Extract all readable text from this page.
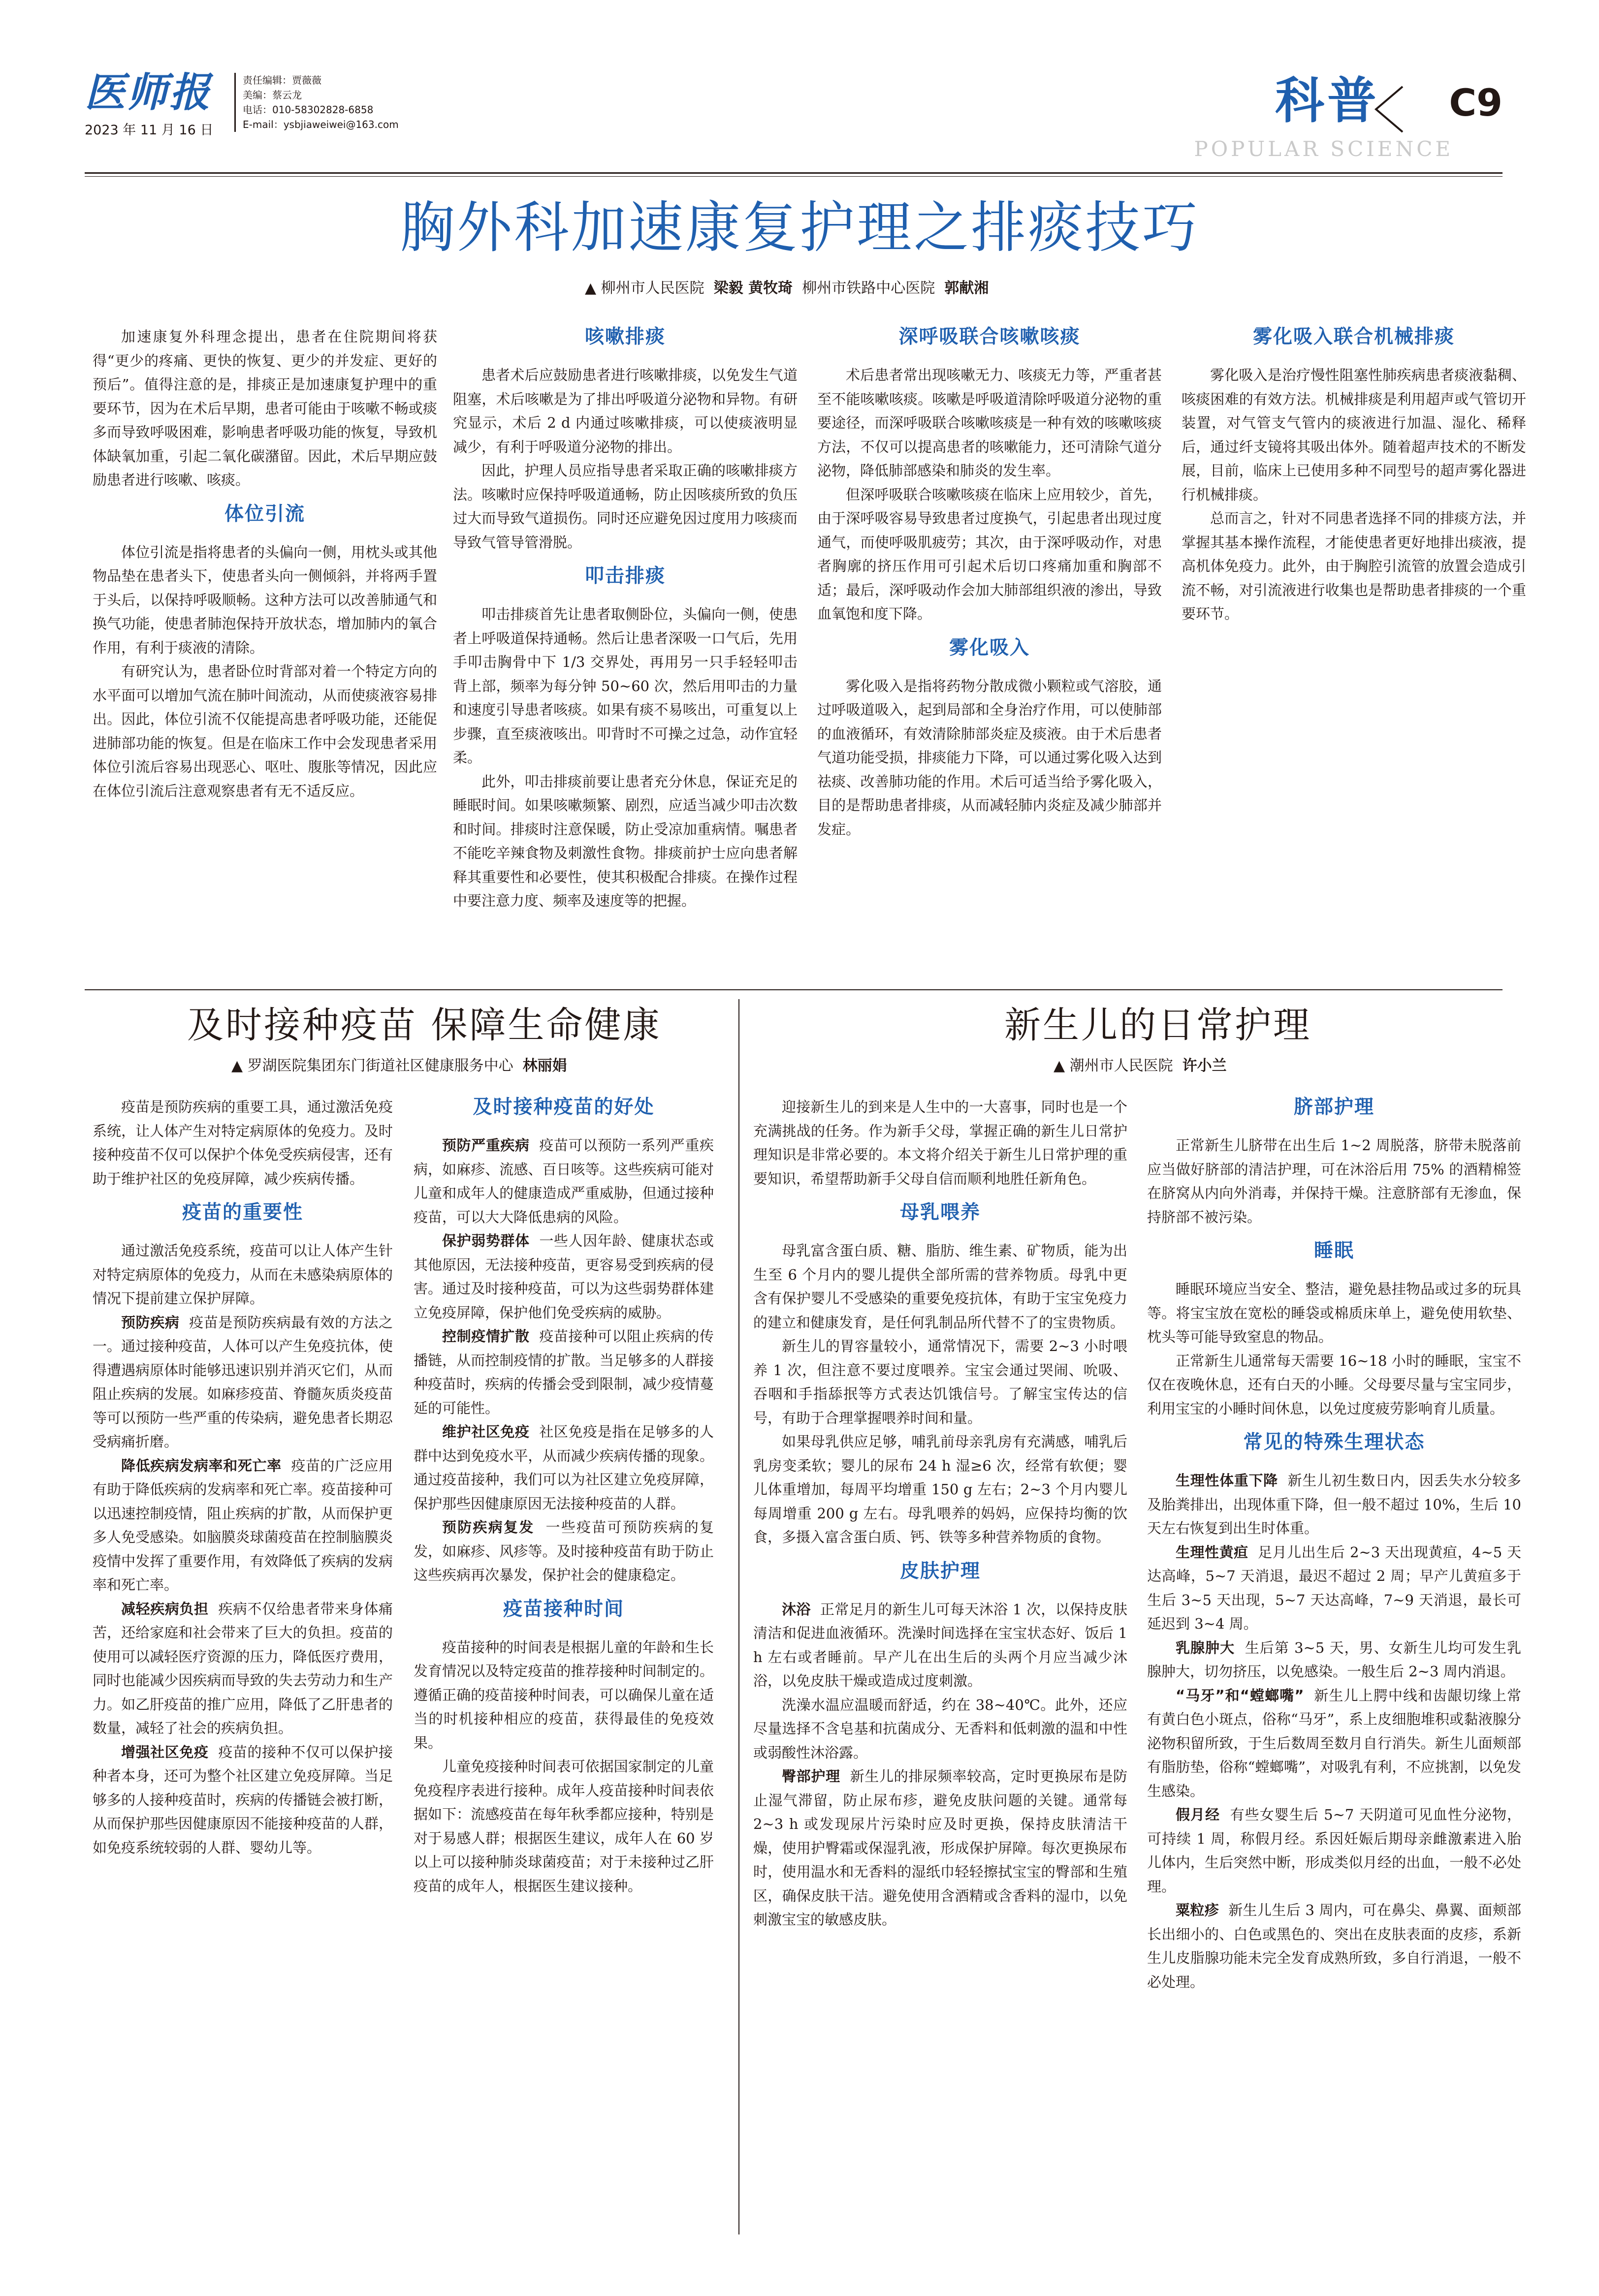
医师报
2023 年 11 月 16 日
责任编辑：贾薇薇
美编：蔡云龙
电话：010-58302828-6858
E-mail：ysbjiaweiwei@163.com	科普 C9
POPULAR SCIENCE
胸外科加速康复护理之排痰技巧
▲ 柳州市人民医院 梁毅 黄牧琦 柳州市铁路中心医院 郭献湘

加速康复外科理念提出，患者在住院期间将获得“更少的疼痛、更快的恢复、更少的并发症、更好的预后”。值得注意的是，排痰正是加速康复护理中的重要环节，因为在术后早期，患者可能由于咳嗽不畅或痰多而导致呼吸困难，影响患者呼吸功能的恢复，导致机体缺氧加重，引起二氧化碳潴留。因此，术后早期应鼓励患者进行咳嗽、咳痰。

体位引流

体位引流是指将患者的头偏向一侧，用枕头或其他物品垫在患者头下，使患者头向一侧倾斜，并将两手置于头后，以保持呼吸顺畅。这种方法可以改善肺通气和换气功能，使患者肺泡保持开放状态，增加肺内的氧合作用，有利于痰液的清除。

有研究认为，患者卧位时背部对着一个特定方向的水平面可以增加气流在肺叶间流动，从而使痰液容易排出。因此，体位引流不仅能提高患者呼吸功能，还能促进肺部功能的恢复。但是在临床工作中会发现患者采用体位引流后容易出现恶心、呕吐、腹胀等情况，因此应在体位引流后注意观察患者有无不适反应。

咳嗽排痰

患者术后应鼓励患者进行咳嗽排痰，以免发生气道阻塞，术后咳嗽是为了排出呼吸道分泌物和异物。有研究显示，术后 2 d 内通过咳嗽排痰，可以使痰液明显减少，有利于呼吸道分泌物的排出。

因此，护理人员应指导患者采取正确的咳嗽排痰方法。咳嗽时应保持呼吸道通畅，防止因咳痰所致的负压过大而导致气道损伤。同时还应避免因过度用力咳痰而导致气管导管滑脱。

叩击排痰

叩击排痰首先让患者取侧卧位，头偏向一侧，使患者上呼吸道保持通畅。然后让患者深吸一口气后，先用手叩击胸骨中下 1/3 交界处，再用另一只手轻轻叩击背上部，频率为每分钟 50~60 次，然后用叩击的力量和速度引导患者咳痰。如果有痰不易咳出，可重复以上步骤，直至痰液咳出。叩背时不可操之过急，动作宜轻柔。

此外，叩击排痰前要让患者充分休息，保证充足的睡眠时间。如果咳嗽频繁、剧烈，应适当减少叩击次数和时间。排痰时注意保暖，防止受凉加重病情。嘱患者不能吃辛辣食物及刺激性食物。排痰前护士应向患者解释其重要性和必要性，使其积极配合排痰。在操作过程中要注意力度、频率及速度等的把握。

深呼吸联合咳嗽咳痰

术后患者常出现咳嗽无力、咳痰无力等，严重者甚至不能咳嗽咳痰。咳嗽是呼吸道清除呼吸道分泌物的重要途径，而深呼吸联合咳嗽咳痰是一种有效的咳嗽咳痰方法，不仅可以提高患者的咳嗽能力，还可清除气道分泌物，降低肺部感染和肺炎的发生率。

但深呼吸联合咳嗽咳痰在临床上应用较少，首先，由于深呼吸容易导致患者过度换气，引起患者出现过度通气，而使呼吸肌疲劳；其次，由于深呼吸动作，对患者胸廓的挤压作用可引起术后切口疼痛加重和胸部不适；最后，深呼吸动作会加大肺部组织液的渗出，导致血氧饱和度下降。

雾化吸入

雾化吸入是指将药物分散成微小颗粒或气溶胶，通过呼吸道吸入，起到局部和全身治疗作用，可以使肺部的血液循环，有效清除肺部炎症及痰液。由于术后患者气道功能受损，排痰能力下降，可以通过雾化吸入达到祛痰、改善肺功能的作用。术后可适当给予雾化吸入，目的是帮助患者排痰，从而减轻肺内炎症及减少肺部并发症。

雾化吸入联合机械排痰

雾化吸入是治疗慢性阻塞性肺疾病患者痰液黏稠、咳痰困难的有效方法。机械排痰是利用超声或气管切开装置，对气管支气管内的痰液进行加温、湿化、稀释后，通过纤支镜将其吸出体外。随着超声技术的不断发展，目前，临床上已使用多种不同型号的超声雾化器进行机械排痰。

总而言之，针对不同患者选择不同的排痰方法，并掌握其基本操作流程，才能使患者更好地排出痰液，提高机体免疫力。此外，由于胸腔引流管的放置会造成引流不畅，对引流液进行收集也是帮助患者排痰的一个重要环节。

及时接种疫苗 保障生命健康
▲ 罗湖医院集团东门街道社区健康服务中心 林丽娟

疫苗是预防疾病的重要工具，通过激活免疫系统，让人体产生对特定病原体的免疫力。及时接种疫苗不仅可以保护个体免受疾病侵害，还有助于维护社区的免疫屏障，减少疾病传播。

疫苗的重要性

通过激活免疫系统，疫苗可以让人体产生针对特定病原体的免疫力，从而在未感染病原体的情况下提前建立保护屏障。

预防疾病 疫苗是预防疾病最有效的方法之一。通过接种疫苗，人体可以产生免疫抗体，使得遭遇病原体时能够迅速识别并消灭它们，从而阻止疾病的发展。如麻疹疫苗、脊髓灰质炎疫苗等可以预防一些严重的传染病，避免患者长期忍受病痛折磨。

降低疾病发病率和死亡率 疫苗的广泛应用有助于降低疾病的发病率和死亡率。疫苗接种可以迅速控制疫情，阻止疾病的扩散，从而保护更多人免受感染。如脑膜炎球菌疫苗在控制脑膜炎疫情中发挥了重要作用，有效降低了疾病的发病率和死亡率。

减轻疾病负担 疾病不仅给患者带来身体痛苦，还给家庭和社会带来了巨大的负担。疫苗的使用可以减轻医疗资源的压力，降低医疗费用，同时也能减少因疾病而导致的失去劳动力和生产力。如乙肝疫苗的推广应用，降低了乙肝患者的数量，减轻了社会的疾病负担。

增强社区免疫 疫苗的接种不仅可以保护接种者本身，还可为整个社区建立免疫屏障。当足够多的人接种疫苗时，疾病的传播链会被打断，从而保护那些因健康原因不能接种疫苗的人群，如免疫系统较弱的人群、婴幼儿等。

及时接种疫苗的好处

预防严重疾病 疫苗可以预防一系列严重疾病，如麻疹、流感、百日咳等。这些疾病可能对儿童和成年人的健康造成严重威胁，但通过接种疫苗，可以大大降低患病的风险。

保护弱势群体 一些人因年龄、健康状态或其他原因，无法接种疫苗，更容易受到疾病的侵害。通过及时接种疫苗，可以为这些弱势群体建立免疫屏障，保护他们免受疾病的威胁。

控制疫情扩散 疫苗接种可以阻止疾病的传播链，从而控制疫情的扩散。当足够多的人群接种疫苗时，疾病的传播会受到限制，减少疫情蔓延的可能性。

维护社区免疫 社区免疫是指在足够多的人群中达到免疫水平，从而减少疾病传播的现象。通过疫苗接种，我们可以为社区建立免疫屏障，保护那些因健康原因无法接种疫苗的人群。

预防疾病复发 一些疫苗可预防疾病的复发，如麻疹、风疹等。及时接种疫苗有助于防止这些疾病再次暴发，保护社会的健康稳定。

疫苗接种时间

疫苗接种的时间表是根据儿童的年龄和生长发育情况以及特定疫苗的推荐接种时间制定的。遵循正确的疫苗接种时间表，可以确保儿童在适当的时机接种相应的疫苗，获得最佳的免疫效果。

儿童免疫接种时间表可依据国家制定的儿童免疫程序表进行接种。成年人疫苗接种时间表依据如下：流感疫苗在每年秋季都应接种，特别是对于易感人群；根据医生建议，成年人在 60 岁以上可以接种肺炎球菌疫苗；对于未接种过乙肝疫苗的成年人，根据医生建议接种。

新生儿的日常护理
▲ 潮州市人民医院 许小兰

迎接新生儿的到来是人生中的一大喜事，同时也是一个充满挑战的任务。作为新手父母，掌握正确的新生儿日常护理知识是非常必要的。本文将介绍关于新生儿日常护理的重要知识，希望帮助新手父母自信而顺利地胜任新角色。

母乳喂养

母乳富含蛋白质、糖、脂肪、维生素、矿物质，能为出生至 6 个月内的婴儿提供全部所需的营养物质。母乳中更含有保护婴儿不受感染的重要免疫抗体，有助于宝宝免疫力的建立和健康发育，是任何乳制品所代替不了的宝贵物质。

新生儿的胃容量较小，通常情况下，需要 2~3 小时喂养 1 次，但注意不要过度喂养。宝宝会通过哭闹、吮吸、吞咽和手指舔抿等方式表达饥饿信号。了解宝宝传达的信号，有助于合理掌握喂养时间和量。

如果母乳供应足够，哺乳前母亲乳房有充满感，哺乳后乳房变柔软；婴儿的尿布 24 h 湿≥6 次，经常有软便；婴儿体重增加，每周平均增重 150 g 左右；2~3 个月内婴儿每周增重 200 g 左右。母乳喂养的妈妈，应保持均衡的饮食，多摄入富含蛋白质、钙、铁等多种营养物质的食物。

皮肤护理

沐浴 正常足月的新生儿可每天沐浴 1 次，以保持皮肤清洁和促进血液循环。洗澡时间选择在宝宝状态好、饭后 1 h 左右或者睡前。早产儿在出生后的头两个月应当减少沐浴，以免皮肤干燥或造成过度刺激。

洗澡水温应温暖而舒适，约在 38~40℃。此外，还应尽量选择不含皂基和抗菌成分、无香料和低刺激的温和中性或弱酸性沐浴露。

臀部护理 新生儿的排尿频率较高，定时更换尿布是防止湿气滞留，防止尿布疹，避免皮肤问题的关键。通常每 2~3 h 或发现尿片污染时应及时更换，保持皮肤清洁干燥，使用护臀霜或保湿乳液，形成保护屏障。每次更换尿布时，使用温水和无香料的湿纸巾轻轻擦拭宝宝的臀部和生殖区，确保皮肤干洁。避免使用含酒精或含香料的湿巾，以免刺激宝宝的敏感皮肤。

脐部护理

正常新生儿脐带在出生后 1~2 周脱落，脐带未脱落前应当做好脐部的清洁护理，可在沐浴后用 75% 的酒精棉签在脐窝从内向外消毒，并保持干燥。注意脐部有无渗血，保持脐部不被污染。

睡眠

睡眠环境应当安全、整洁，避免悬挂物品或过多的玩具等。将宝宝放在宽松的睡袋或棉质床单上，避免使用软垫、枕头等可能导致窒息的物品。

正常新生儿通常每天需要 16~18 小时的睡眠，宝宝不仅在夜晚休息，还有白天的小睡。父母要尽量与宝宝同步，利用宝宝的小睡时间休息，以免过度疲劳影响育儿质量。

常见的特殊生理状态

生理性体重下降 新生儿初生数日内，因丢失水分较多及胎粪排出，出现体重下降，但一般不超过 10%，生后 10 天左右恢复到出生时体重。

生理性黄疸 足月儿出生后 2~3 天出现黄疸，4~5 天达高峰，5~7 天消退，最迟不超过 2 周；早产儿黄疸多于生后 3~5 天出现，5~7 天达高峰，7~9 天消退，最长可延迟到 3~4 周。

乳腺肿大 生后第 3~5 天，男、女新生儿均可发生乳腺肿大，切勿挤压，以免感染。一般生后 2~3 周内消退。

“马牙”和“螳螂嘴” 新生儿上腭中线和齿龈切缘上常有黄白色小斑点，俗称“马牙”，系上皮细胞堆积或黏液腺分泌物积留所致，于生后数周至数月自行消失。新生儿面颊部有脂肪垫，俗称“螳螂嘴”，对吸乳有利，不应挑割，以免发生感染。

假月经 有些女婴生后 5~7 天阴道可见血性分泌物，可持续 1 周，称假月经。系因妊娠后期母亲雌激素进入胎儿体内，生后突然中断，形成类似月经的出血，一般不必处理。

粟粒疹 新生儿生后 3 周内，可在鼻尖、鼻翼、面颊部长出细小的、白色或黑色的、突出在皮肤表面的皮疹，系新生儿皮脂腺功能未完全发育成熟所致，多自行消退，一般不必处理。
